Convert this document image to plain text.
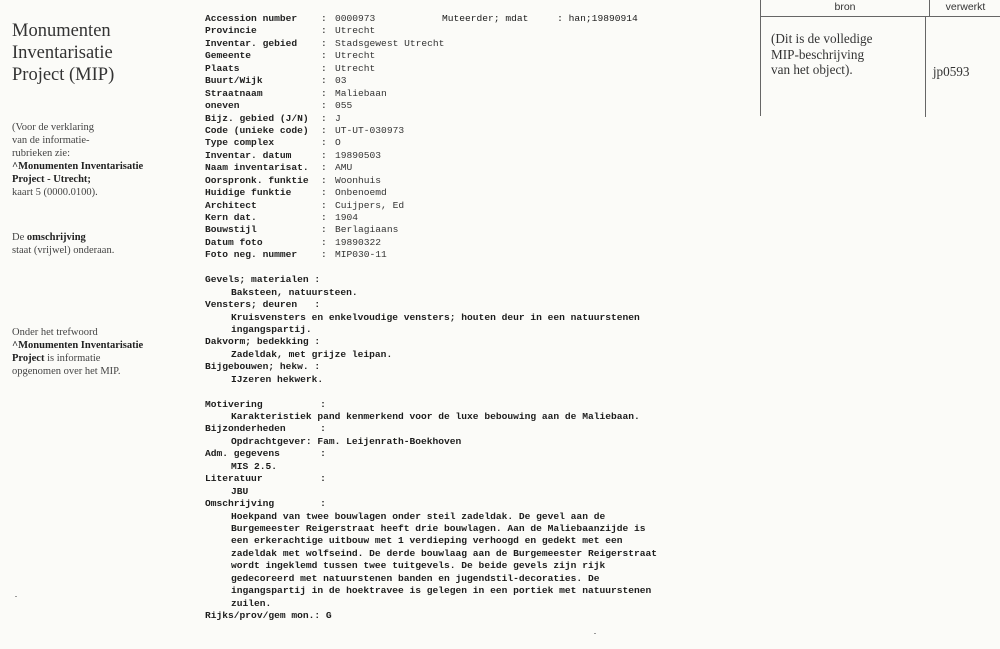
Monumenten
Inventarisatie
Project (MIP)
(Voor de verklaring
van de informatie-
rubrieken zie:
^Monumenten Inventarisatie
Project - Utrecht;
kaart 5 (0000.0100).
De omschrijving
staat (vrijwel) onderaan.
Onder het trefwoord
^Monumenten Inventarisatie
Project is informatie
opgenomen over het MIP.
bron	verwerkt
(Dit is de volledige
MIP-beschrijving
van het object).	jp0593
Muteerder; mdat     : han;19890914
Accession number : 0000973
Provincie	: Utrecht
Inventar. gebied : Stadsgewest Utrecht
Gemeente	: Utrecht
Plaats	: Utrecht
Buurt/Wijk	: 03
Straatnaam	: Maliebaan
oneven	: 055
Bijz. gebied (J/N) : J
Code (unieke code) : UT-UT-030973
Type complex	: O
Inventar. datum	: 19890503
Naam inventarisat. : AMU
Oorspronk. funktie : Woonhuis
Huidige funktie	: Onbenoemd
Architect	: Cuijpers, Ed
Kern dat.	: 1904
Bouwstijl	: Berlagiaans
Datum foto	: 19890322
Foto neg. nummer : MIP030-11
Gevels; materialen :
Baksteen, natuursteen.
Vensters; deuren   :
Kruisvensters en enkelvoudige vensters; houten deur in een natuurstenen
ingangspartij.
Dakvorm; bedekking :
Zadeldak, met grijze leipan.
Bijgebouwen; hekw. :
IJzeren hekwerk.
Motivering          :
Karakteristiek pand kenmerkend voor de luxe bebouwing aan de Maliebaan.
Bijzonderheden      :
Opdrachtgever: Fam. Leijenrath-Boekhoven
Adm. gegevens       :
MIS 2.5.
Literatuur          :
JBU
Omschrijving        :
Hoekpand van twee bouwlagen onder steil zadeldak. De gevel aan de
Burgemeester Reigerstraat heeft drie bouwlagen. Aan de Maliebaanzijde is
een erkerachtige uitbouw met 1 verdieping verhoogd en gedekt met een
zadeldak met wolfseind. De derde bouwlaag aan de Burgemeester Reigerstraat
wordt ingeklemd tussen twee tuitgevels. De beide gevels zijn rijk
gedecoreerd met natuurstenen banden en jugendstil-decoraties. De
ingangspartij in de hoektravee is gelegen in een portiek met natuurstenen
zuilen.
Rijks/prov/gem mon.: G
